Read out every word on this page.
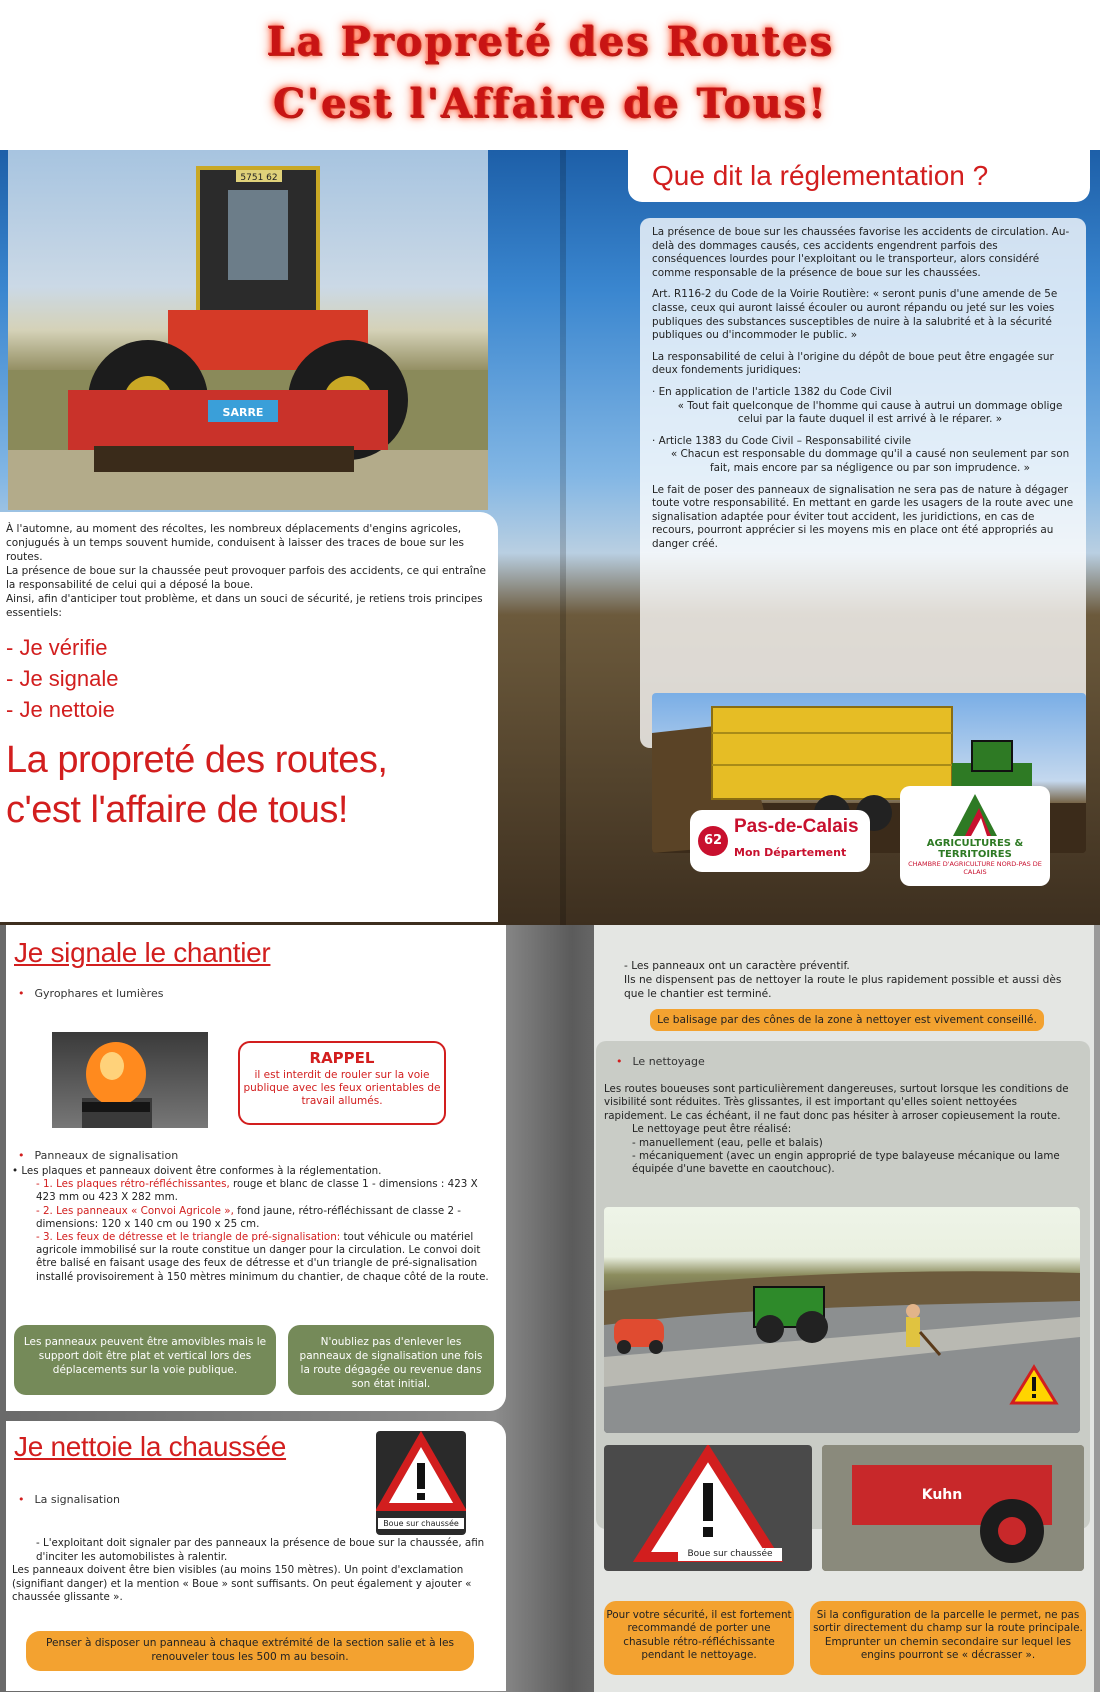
La Propreté des Routes
C'est l'Affaire de Tous!
5751 62
SARRE

À l'automne, au moment des récoltes, les nombreux déplacements d'engins agricoles, conjugués à un temps souvent humide, conduisent à laisser des traces de boue sur les routes.

La présence de boue sur la chaussée peut provoquer parfois des accidents, ce qui entraîne la responsabilité de celui qui a déposé la boue.

Ainsi, afin d'anticiper tout problème, et dans un souci de sécurité, je retiens trois principes essentiels:

- Je vérifie
- Je signale
- Je nettoie
La propreté des routes,
c'est l'affaire de tous!
Que dit la réglementation ?

La présence de boue sur les chaussées favorise les accidents de circulation. Au-delà des dommages causés, ces accidents engendrent parfois des conséquences lourdes pour l'exploitant ou le transporteur, alors considéré comme responsable de la présence de boue sur les chaussées.

Art. R116-2 du Code de la Voirie Routière: « seront punis d'une amende de 5e classe, ceux qui auront laissé écouler ou auront répandu ou jeté sur les voies publiques des substances susceptibles de nuire à la salubrité et à la sécurité publiques ou d'incommoder le public. »

La responsabilité de celui à l'origine du dépôt de boue peut être engagée sur deux fondements juridiques:

· En application de l'article 1382 du Code Civil

« Tout fait quelconque de l'homme qui cause à autrui un dommage oblige celui par la faute duquel il est arrivé à le réparer. »

· Article 1383 du Code Civil – Responsabilité civile

« Chacun est responsable du dommage qu'il a causé non seulement par son fait, mais encore par sa négligence ou par son imprudence. »

Le fait de poser des panneaux de signalisation ne sera pas de nature à dégager toute votre responsabilité. En mettant en garde les usagers de la route avec une signalisation adaptée pour éviter tout accident, les juridictions, en cas de recours, pourront apprécier si les moyens mis en place ont été appropriés au danger créé.

62
Pas-de-Calais
Mon Département
AGRICULTURES & TERRITOIRES
CHAMBRE D'AGRICULTURE NORD-PAS DE CALAIS
Je signale le chantier
• Gyrophares et lumières
RAPPEL
il est interdit de rouler sur la voie publique avec les feux orientables de travail allumés.
• Panneaux de signalisation
• Les plaques et panneaux doivent être conformes à la réglementation.
- 1. Les plaques rétro-réfléchissantes, rouge et blanc de classe 1 - dimensions : 423 X 423 mm ou 423 X 282 mm.
- 2. Les panneaux « Convoi Agricole », fond jaune, rétro-réfléchissant de classe 2 - dimensions: 120 x 140 cm ou 190 x 25 cm.
- 3. Les feux de détresse et le triangle de pré-signalisation: tout véhicule ou matériel agricole immobilisé sur la route constitue un danger pour la circulation. Le convoi doit être balisé en faisant usage des feux de détresse et d'un triangle de pré-signalisation installé provisoirement à 150 mètres minimum du chantier, de chaque côté de la route.
Les panneaux peuvent être amovibles mais le support doit être plat et vertical lors des déplacements sur la voie publique.
N'oubliez pas d'enlever les panneaux de signalisation une fois la route dégagée ou revenue dans son état initial.
Je nettoie la chaussée
Boue sur chaussée
• La signalisation
- L'exploitant doit signaler par des panneaux la présence de boue sur la chaussée, afin d'inciter les automobilistes à ralentir.
Les panneaux doivent être bien visibles (au moins 150 mètres). Un point d'exclamation (signifiant danger) et la mention « Boue » sont suffisants. On peut également y ajouter « chaussée glissante ».
Penser à disposer un panneau à chaque extrémité de la section salie et à les renouveler tous les 500 m au besoin.
- Les panneaux ont un caractère préventif.
Ils ne dispensent pas de nettoyer la route le plus rapidement possible et aussi dès que le chantier est terminé.
Le balisage par des cônes de la zone à nettoyer est vivement conseillé.
• Le nettoyage
Les routes boueuses sont particulièrement dangereuses, surtout lorsque les conditions de visibilité sont réduites. Très glissantes, il est important qu'elles soient nettoyées rapidement. Le cas échéant, il ne faut donc pas hésiter à arroser copieusement la route.
Le nettoyage peut être réalisé:
- manuellement (eau, pelle et balais)
- mécaniquement (avec un engin approprié de type balayeuse mécanique ou lame équipée d'une bavette en caoutchouc).
Boue sur chaussée
Kuhn
Pour votre sécurité, il est fortement recommandé de porter une chasuble rétro-réfléchissante pendant le nettoyage.
Si la configuration de la parcelle le permet, ne pas sortir directement du champ sur la route principale. Emprunter un chemin secondaire sur lequel les engins pourront se « décrasser ».
